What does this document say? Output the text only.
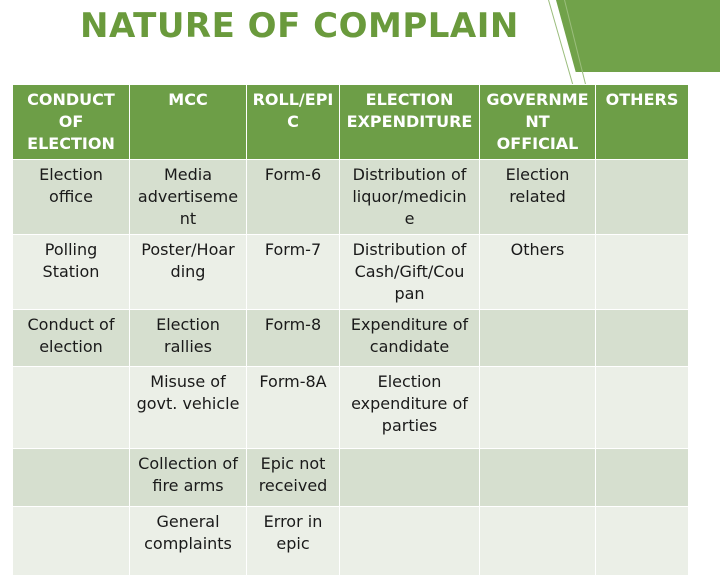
NATURE OF COMPLAIN
CONDUCT OF ELECTION	MCC	ROLL/EPI C	ELECTION EXPENDITURE	GOVERNME NT OFFICIAL	OTHERS
Election office	Media advertiseme nt	Form-6	Distribution of liquor/medicin e	Election related	
Polling Station	Poster/Hoar ding	Form-7	Distribution of Cash/Gift/Cou pan	Others	
Conduct of election	Election rallies	Form-8	Expenditure of candidate		
	Misuse of govt. vehicle	Form-8A	Election expenditure of parties		
	Collection of fire arms	Epic not received			
	General complaints	Error in epic			
